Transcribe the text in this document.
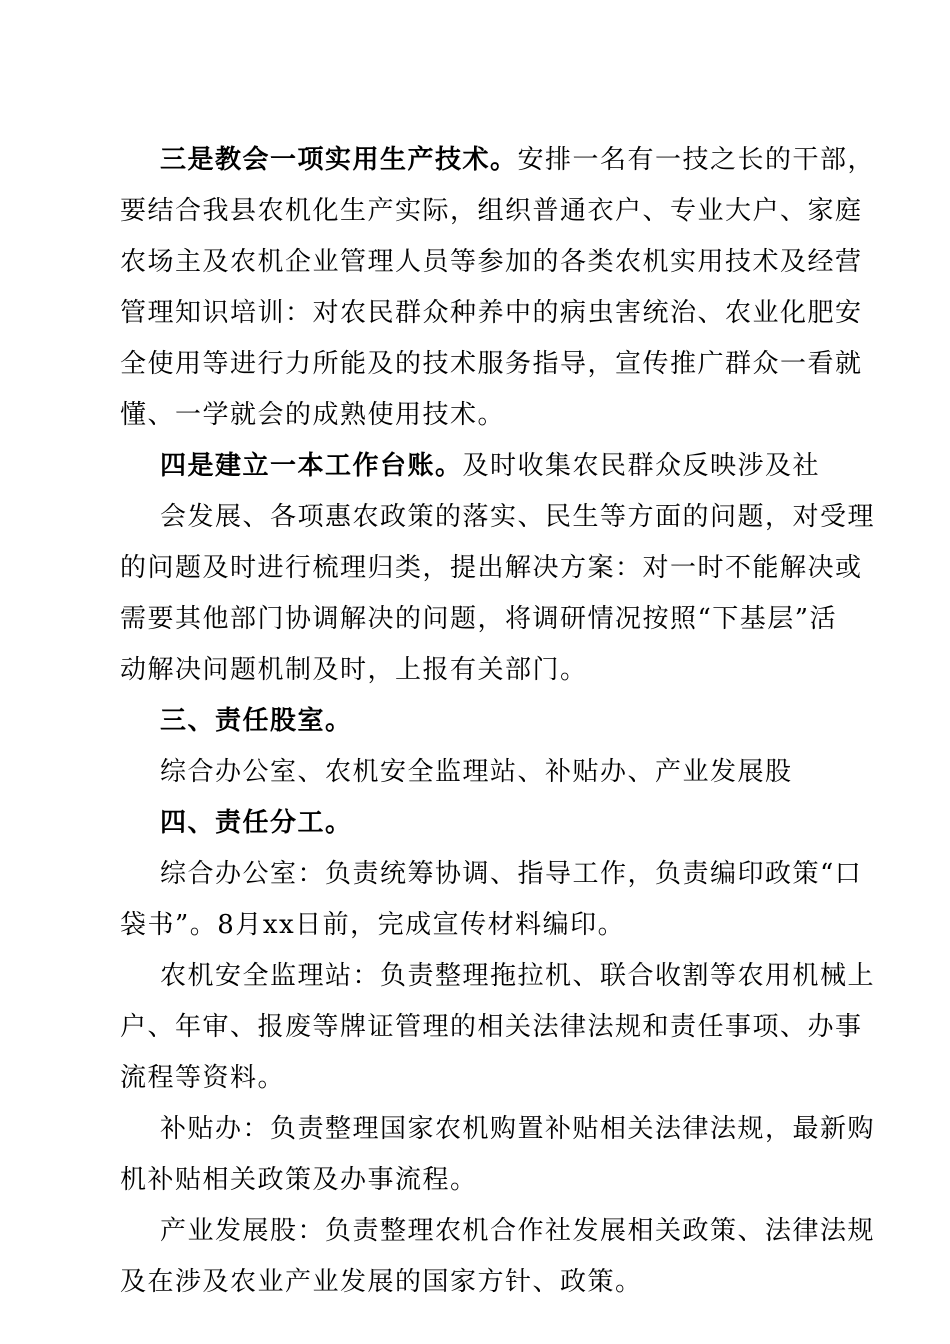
三是教会一项实用生产技术。安排一名有一技之长的干部，
要结合我县农机化生产实际，组织普通衣户、专业大户、家庭
农场主及农机企业管理人员等参加的各类农机实用技术及经营
管理知识培训：对农民群众种养中的病虫害统治、农业化肥安
全使用等进行力所能及的技术服务指导，宣传推广群众一看就
懂、一学就会的成熟使用技术。
四是建立一本工作台账。及时收集农民群众反映涉及社
会发展、各项惠农政策的落实、民生等方面的问题，对受理
的问题及时进行梳理归类，提出解决方案：对一时不能解决或
需要其他部门协调解决的问题，将调研情况按照“下基层”活
动解决问题机制及时，上报有关部门。
三、责任股室。
综合办公室、农机安全监理站、补贴办、产业发展股
四、责任分工。
综合办公室：负责统筹协调、指导工作，负责编印政策“口
袋书”。8月xx日前，完成宣传材料编印。
农机安全监理站：负责整理拖拉机、联合收割等农用机械上
户、年审、报废等牌证管理的相关法律法规和责任事项、办事
流程等资料。
补贴办：负责整理国家农机购置补贴相关法律法规，最新购
机补贴相关政策及办事流程。
产业发展股：负责整理农机合作社发展相关政策、法律法规
及在涉及农业产业发展的国家方针、政策。
